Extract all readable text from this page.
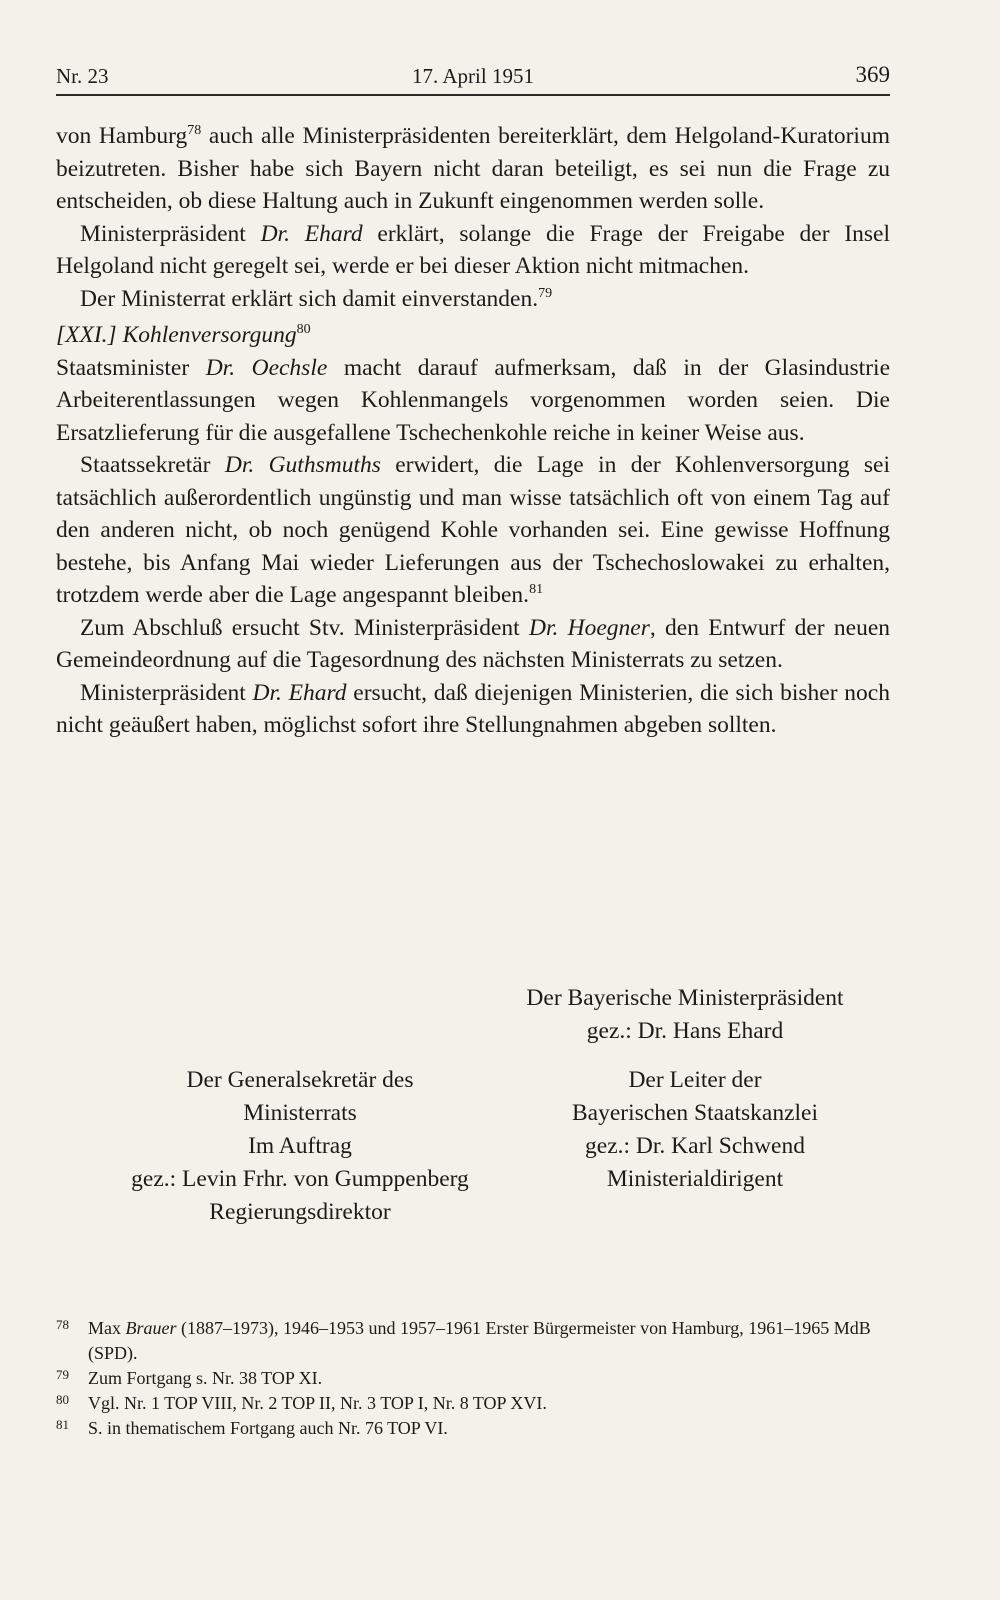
Nr. 23	17. April 1951	369

von Hamburg$^{78}$ auch alle Ministerpräsidenten bereiterklärt, dem Helgoland-Kuratorium beizutreten. Bisher habe sich Bayern nicht daran beteiligt, es sei nun die Frage zu entscheiden, ob diese Haltung auch in Zukunft eingenommen werden solle.

Ministerpräsident Dr. Ehard erklärt, solange die Frage der Freigabe der Insel Helgoland nicht geregelt sei, werde er bei dieser Aktion nicht mitmachen.

Der Ministerrat erklärt sich damit einverstanden.$^{79}$

[XXI.] Kohlenversorgung$^{80}$

Staatsminister Dr. Oechsle macht darauf aufmerksam, daß in der Glasindustrie Arbeiterentlassungen wegen Kohlenmangels vorgenommen worden seien. Die Ersatzlieferung für die ausgefallene Tschechenkohle reiche in keiner Weise aus.

Staatssekretär Dr. Guthsmuths erwidert, die Lage in der Kohlenversorgung sei tatsächlich außerordentlich ungünstig und man wisse tatsächlich oft von einem Tag auf den anderen nicht, ob noch genügend Kohle vorhanden sei. Eine gewisse Hoffnung bestehe, bis Anfang Mai wieder Lieferungen aus der Tschechoslowakei zu erhalten, trotzdem werde aber die Lage angespannt bleiben.$^{81}$

Zum Abschluß ersucht Stv. Ministerpräsident Dr. Hoegner, den Entwurf der neuen Gemeindeordnung auf die Tagesordnung des nächsten Ministerrats zu setzen.

Ministerpräsident Dr. Ehard ersucht, daß diejenigen Ministerien, die sich bisher noch nicht geäußert haben, möglichst sofort ihre Stellungnahmen abgeben sollten.

Der Bayerische Ministerpräsident
gez.: Dr. Hans Ehard
Der Generalsekretär des
Ministerrats
Im Auftrag
gez.: Levin Frhr. von Gumppenberg
Regierungsdirektor
Der Leiter der
Bayerischen Staatskanzlei
gez.: Dr. Karl Schwend
Ministerialdirigent

78 Max Brauer (1887–1973), 1946–1953 und 1957–1961 Erster Bürgermeister von Hamburg, 1961–1965 MdB (SPD).

79 Zum Fortgang s. Nr. 38 TOP XI.

80 Vgl. Nr. 1 TOP VIII, Nr. 2 TOP II, Nr. 3 TOP I, Nr. 8 TOP XVI.

81 S. in thematischem Fortgang auch Nr. 76 TOP VI.
